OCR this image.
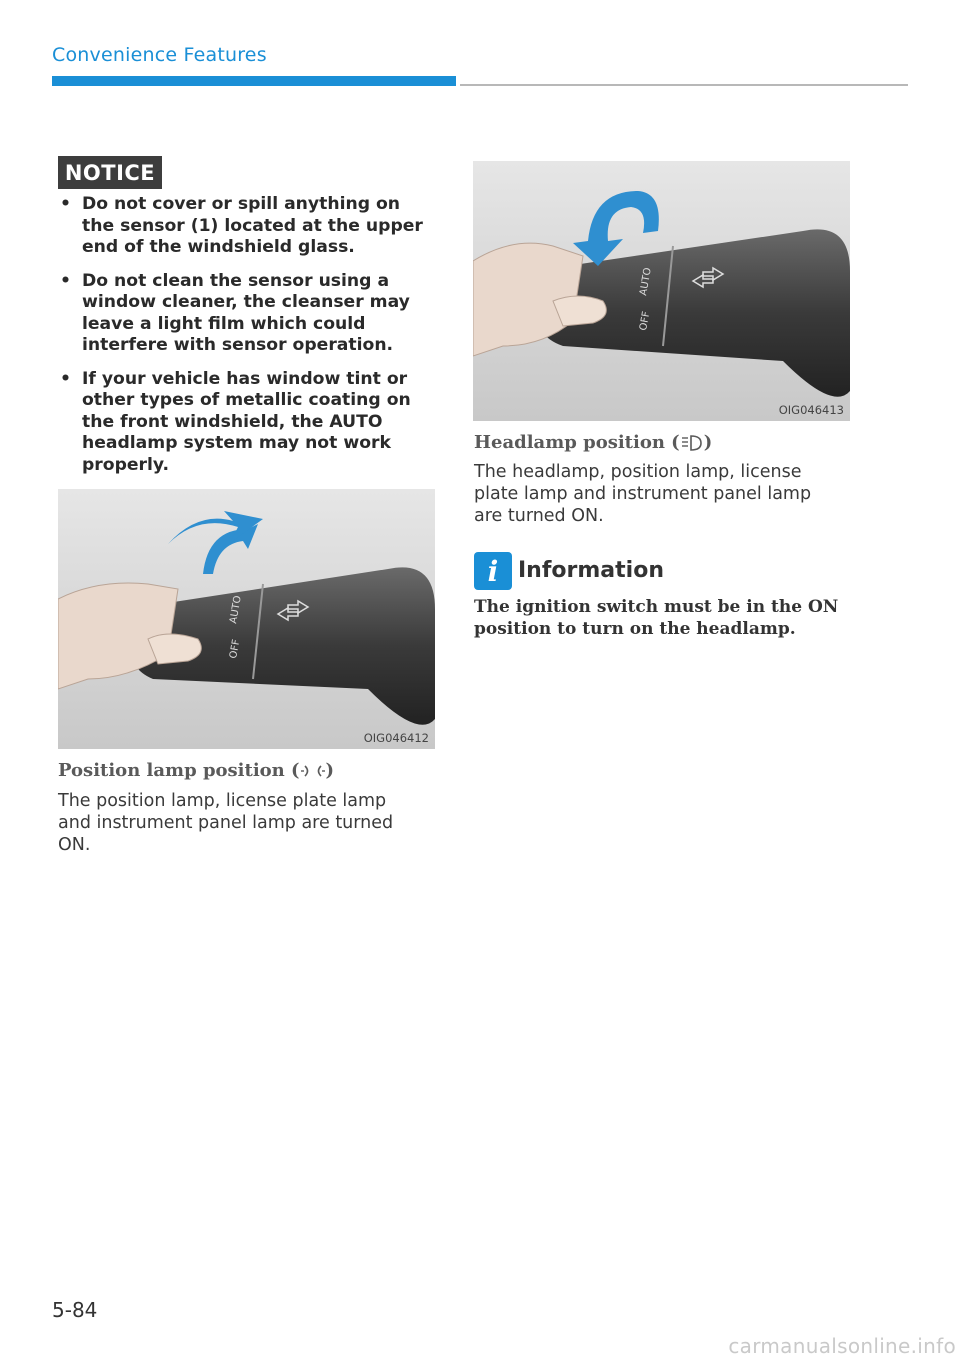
Convenience Features
NOTICE
• Do not cover or spill anything on the sensor (1) located at the upper end of the windshield glass.
• Do not clean the sensor using a window cleaner, the cleanser may leave a light film which could interfere with sensor operation.
• If your vehicle has window tint or other types of metallic coating on the front windshield, the AUTO headlamp system may not work properly.
AUTO
OFF
OIG046412
Position lamp position ( )
The position lamp, license plate lamp and instrument panel lamp are turned ON.
AUTO
OFF
OIG046413
Headlamp position ( )
The headlamp, position lamp, license plate lamp and instrument panel lamp are turned ON.
i Information
The ignition switch must be in the ON position to turn on the headlamp.
5-84
carmanualsonline.info
